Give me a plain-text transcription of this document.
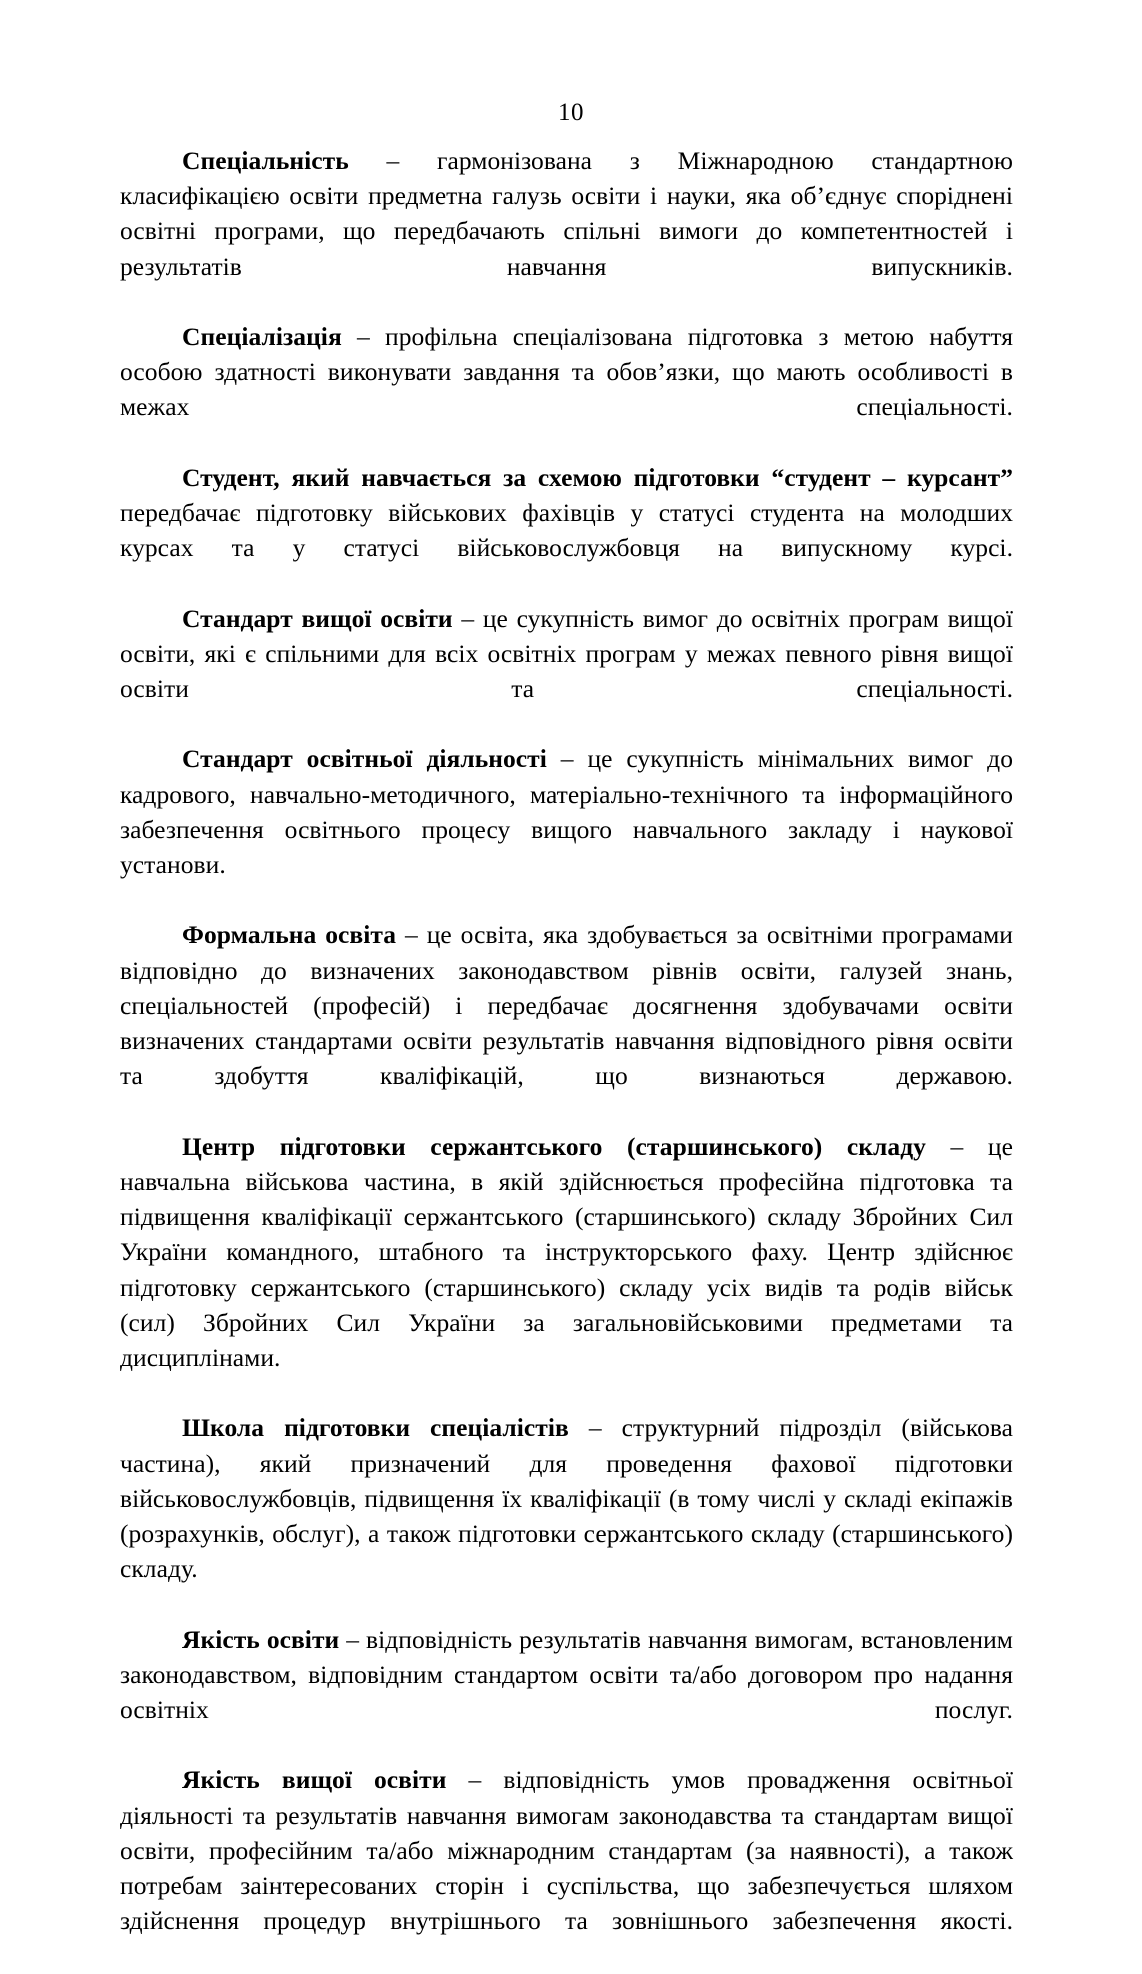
10

Спеціальність – гармонізована з Міжнародною стандартною класифікацією освіти предметна галузь освіти і науки, яка об’єднує споріднені освітні програми, що передбачають спільні вимоги до компетентностей і результатів навчання випускників.

Спеціалізація – профільна спеціалізована підготовка з метою набуття особою здатності виконувати завдання та обов’язки, що мають особливості в межах спеціальності.

Студент, який навчається за схемою підготовки “студент – курсант” передбачає підготовку військових фахівців у статусі студента на молодших курсах та у статусі військовослужбовця на випускному курсі.

Стандарт вищої освіти – це сукупність вимог до освітніх програм вищої освіти, які є спільними для всіх освітніх програм у межах певного рівня вищої освіти та спеціальності.

Стандарт освітньої діяльності – це сукупність мінімальних вимог до кадрового, навчально-методичного, матеріально-технічного та інформаційного забезпечення освітнього процесу вищого навчального закладу і наукової установи.

Формальна освіта – це освіта, яка здобувається за освітніми програмами відповідно до визначених законодавством рівнів освіти, галузей знань, спеціальностей (професій) і передбачає досягнення здобувачами освіти визначених стандартами освіти результатів навчання відповідного рівня освіти та здобуття кваліфікацій, що визнаються державою.

Центр підготовки сержантського (старшинського) складу – це навчальна військова частина, в якій здійснюється професійна підготовка та підвищення кваліфікації сержантського (старшинського) складу Збройних Сил України командного, штабного та інструкторського фаху. Центр здійснює підготовку сержантського (старшинського) складу усіх видів та родів військ (сил) Збройних Сил України за загальновійськовими предметами та дисциплінами.

Школа підготовки спеціалістів – структурний підрозділ (військова частина), який призначений для проведення фахової підготовки військовослужбовців, підвищення їх кваліфікації (в тому числі у складі екіпажів (розрахунків, обслуг), а також підготовки сержантського складу (старшинського) складу.

Якість освіти – відповідність результатів навчання вимогам, встановленим законодавством, відповідним стандартом освіти та/або договором про надання освітніх послуг.

Якість вищої освіти – відповідність умов провадження освітньої діяльності та результатів навчання вимогам законодавства та стандартам вищої освіти, професійним та/або міжнародним стандартам (за наявності), а також потребам заінтересованих сторін і суспільства, що забезпечується шляхом здійснення процедур внутрішнього та зовнішнього забезпечення якості.
